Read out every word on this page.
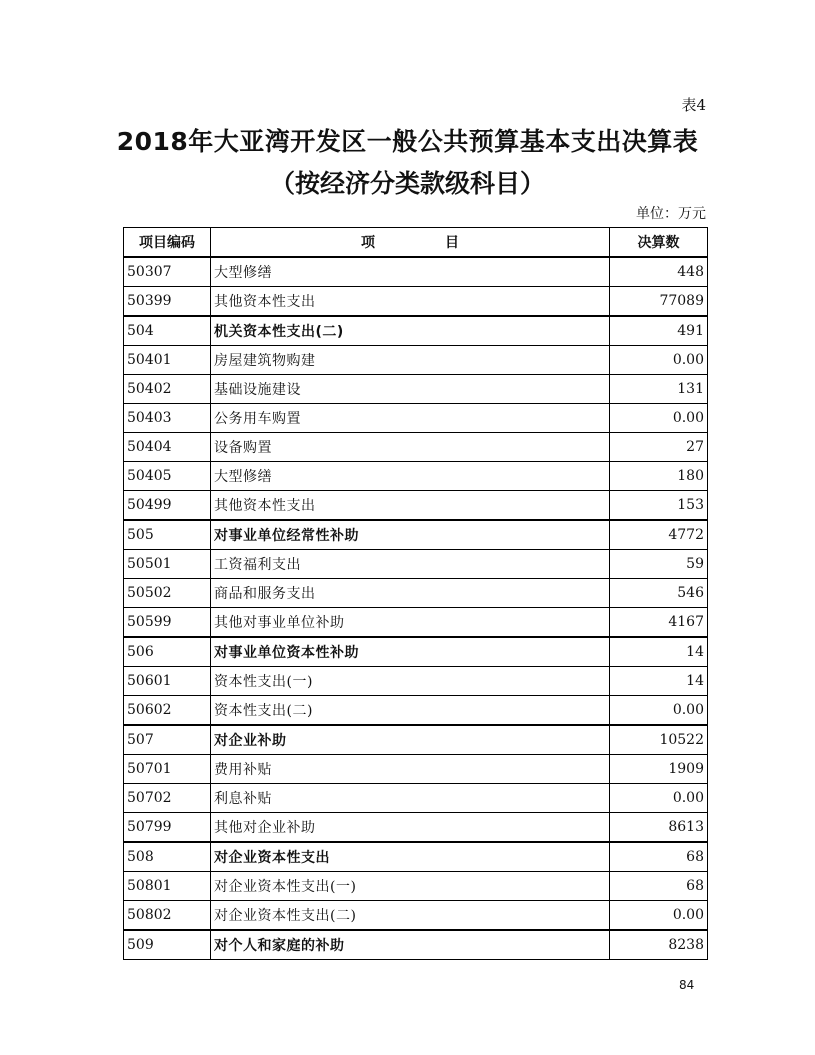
表4
2018年大亚湾开发区一般公共预算基本支出决算表
（按经济分类款级科目）
单位：万元
项目编码	项　　　　　目	决算数
50307	大型修缮	448
50399	其他资本性支出	77089
504	机关资本性支出(二)	491
50401	房屋建筑物购建	0.00
50402	基础设施建设	131
50403	公务用车购置	0.00
50404	设备购置	27
50405	大型修缮	180
50499	其他资本性支出	153
505	对事业单位经常性补助	4772
50501	工资福利支出	59
50502	商品和服务支出	546
50599	其他对事业单位补助	4167
506	对事业单位资本性补助	14
50601	资本性支出(一)	14
50602	资本性支出(二)	0.00
507	对企业补助	10522
50701	费用补贴	1909
50702	利息补贴	0.00
50799	其他对企业补助	8613
508	对企业资本性支出	68
50801	对企业资本性支出(一)	68
50802	对企业资本性支出(二)	0.00
509	对个人和家庭的补助	8238
84
